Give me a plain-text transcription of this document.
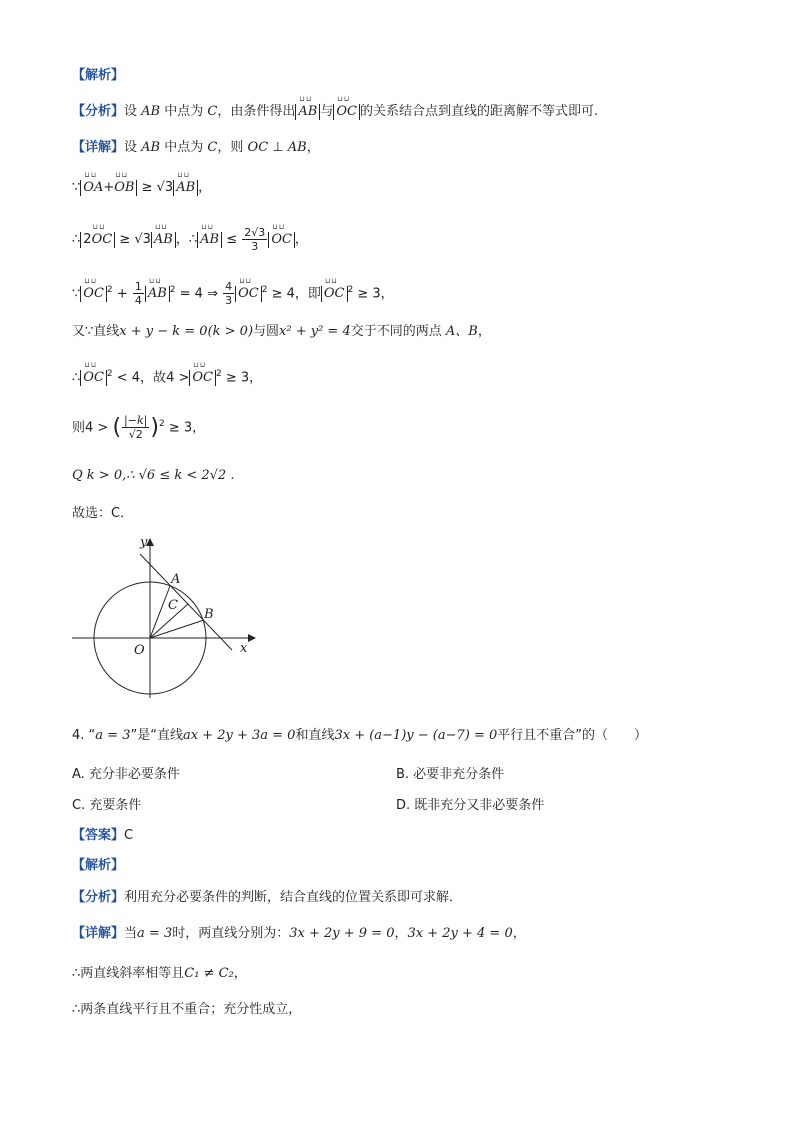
【解析】
【分析】设 AB 中点为 C，由条件得出 └┘└┘ AB 与 └┘└┘ OC 的关系结合点到直线的距离解不等式即可.
【详解】设 AB 中点为 C，则 OC ⊥ AB，
∵ └┘└┘ OA+└┘└┘ OB ≥ √3 └┘└┘ AB ，
∴ 2└┘└┘ OC ≥ √3 └┘└┘ AB ，∴ └┘└┘ AB ≤ $\frac{2√3}{3}$ └┘└┘ OC ，
∵ └┘└┘ OC $^2 + \frac{1}{4}$ └┘└┘ AB $^2$ = 4 ⇒ $\frac{4}{3}$ └┘└┘ OC $^2$ ≥ 4，即 └┘└┘ OC $^2$ ≥ 3，
又∵直线x + y − k = 0(k > 0)与圆x² + y² = 4交于不同的两点 A、B，
∴ └┘└┘ OC $^2$ < 4，故4 > └┘└┘ OC $^2$ ≥ 3，
则4 > ( $\frac{|-k|}{√2} )^2 \ge 3$，
Q k > 0,∴ √6 ≤ k < 2√2 .
故选：C．
y
x
O
A
C
B
4. “a = 3”是“直线ax + 2y + 3a = 0和直线3x + (a−1)y − (a−7) = 0平行且不重合”的（　　）
A. 充分非必要条件	B. 必要非充分条件
C. 充要条件	D. 既非充分又非必要条件
【答案】C
【解析】
【分析】利用充分必要条件的判断，结合直线的位置关系即可求解．
【详解】当a = 3时，两直线分别为：3x + 2y + 9 = 0，3x + 2y + 4 = 0，
∴两直线斜率相等且C₁ ≠ C₂，
∴两条直线平行且不重合；充分性成立，
